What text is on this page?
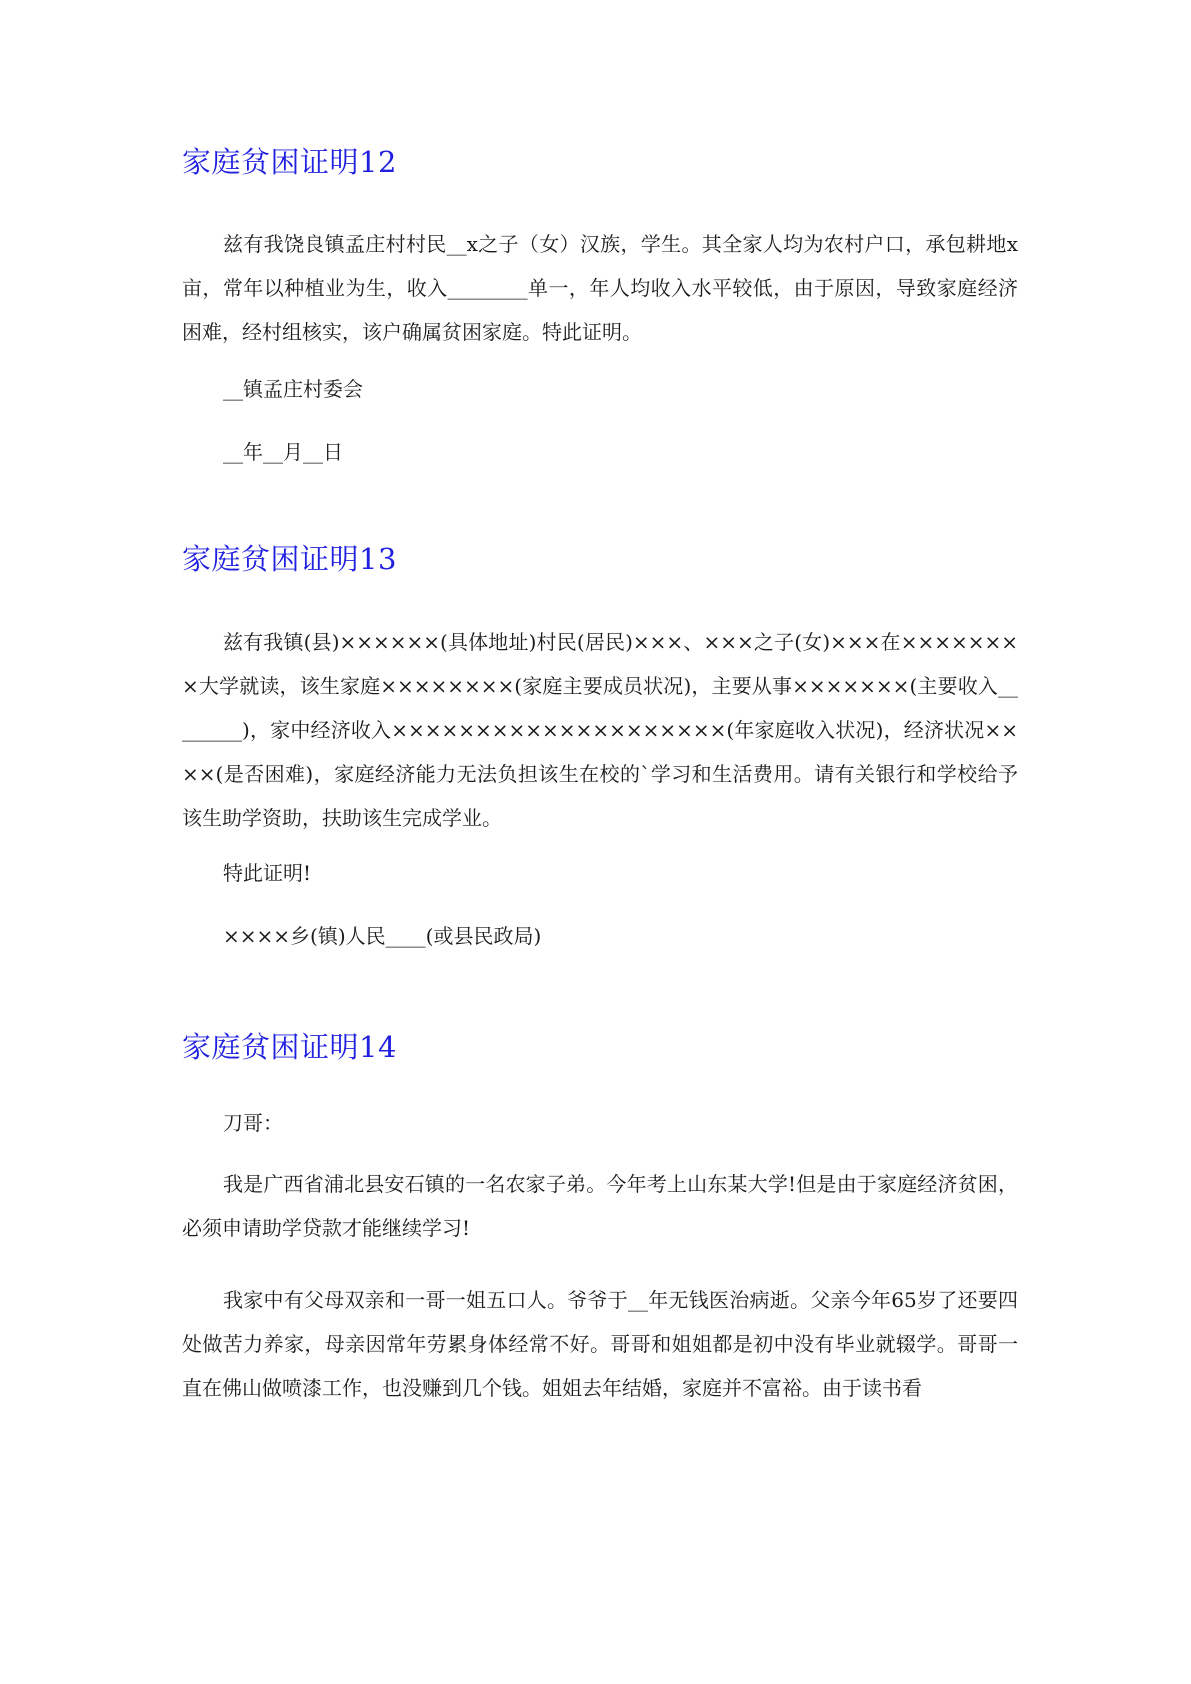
家庭贫困证明12

兹有我饶良镇孟庄村村民__x之子（女）汉族，学生。其全家人均为农村户口，承包耕地x亩，常年以种植业为生，收入________单一，年人均收入水平较低，由于原因，导致家庭经济困难，经村组核实，该户确属贫困家庭。特此证明。

__镇孟庄村委会

__年__月__日

家庭贫困证明13

兹有我镇(县)××××××(具体地址)村民(居民)×××、×××之子(女)×××在××××××××大学就读，该生家庭××××××××(家庭主要成员状况)，主要从事×××××××(主要收入________)，家中经济收入××××××××××××××××××××(年家庭收入状况)，经济状况××××(是否困难)，家庭经济能力无法负担该生在校的`学习和生活费用。请有关银行和学校给予该生助学资助，扶助该生完成学业。

特此证明!

××××乡(镇)人民____(或县民政局)

家庭贫困证明14

刀哥：

我是广西省浦北县安石镇的一名农家子弟。今年考上山东某大学!但是由于家庭经济贫困，必须申请助学贷款才能继续学习!

我家中有父母双亲和一哥一姐五口人。爷爷于__年无钱医治病逝。父亲今年65岁了还要四处做苦力养家，母亲因常年劳累身体经常不好。哥哥和姐姐都是初中没有毕业就辍学。哥哥一直在佛山做喷漆工作，也没赚到几个钱。姐姐去年结婚，家庭并不富裕。由于读书看
